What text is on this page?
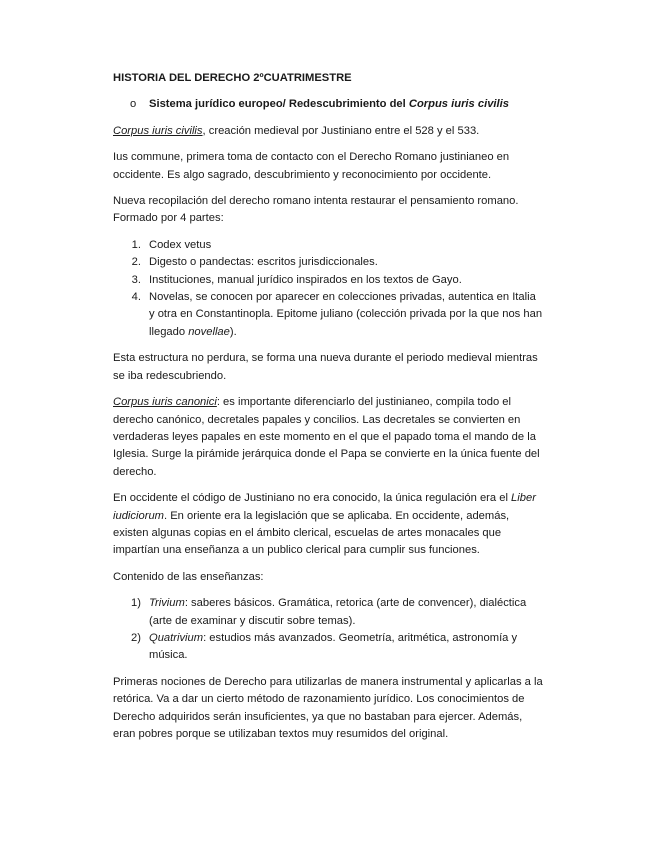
HISTORIA DEL DERECHO 2ºCUATRIMESTRE

o	Sistema jurídico europeo/ Redescubrimiento del Corpus iuris civilis

Corpus iuris civilis, creación medieval por Justiniano entre el 528 y el 533.

Ius commune, primera toma de contacto con el Derecho Romano justinianeo en occidente. Es algo sagrado, descubrimiento y reconocimiento por occidente.

Nueva recopilación del derecho romano intenta restaurar el pensamiento romano. Formado por 4 partes:

1. Codex vetus
2. Digesto o pandectas: escritos jurisdiccionales.
3. Instituciones, manual jurídico inspirados en los textos de Gayo.
4. Novelas, se conocen por aparecer en colecciones privadas, autentica en Italia y otra en Constantinopla. Epitome juliano (colección privada por la que nos han llegado novellae).

Esta estructura no perdura, se forma una nueva durante el periodo medieval mientras se iba redescubriendo.

Corpus iuris canonici: es importante diferenciarlo del justinianeo, compila todo el derecho canónico, decretales papales y concilios. Las decretales se convierten en verdaderas leyes papales en este momento en el que el papado toma el mando de la Iglesia. Surge la pirámide jerárquica donde el Papa se convierte en la única fuente del derecho.

En occidente el código de Justiniano no era conocido, la única regulación era el Liber iudiciorum. En oriente era la legislación que se aplicaba. En occidente, además, existen algunas copias en el ámbito clerical, escuelas de artes monacales que impartían una enseñanza a un publico clerical para cumplir sus funciones.

Contenido de las enseñanzas:

1) Trivium: saberes básicos. Gramática, retorica (arte de convencer), dialéctica (arte de examinar y discutir sobre temas).
2) Quatrivium: estudios más avanzados. Geometría, aritmética, astronomía y música.

Primeras nociones de Derecho para utilizarlas de manera instrumental y aplicarlas a la retórica. Va a dar un cierto método de razonamiento jurídico. Los conocimientos de Derecho adquiridos serán insuficientes, ya que no bastaban para ejercer. Además, eran pobres porque se utilizaban textos muy resumidos del original.
